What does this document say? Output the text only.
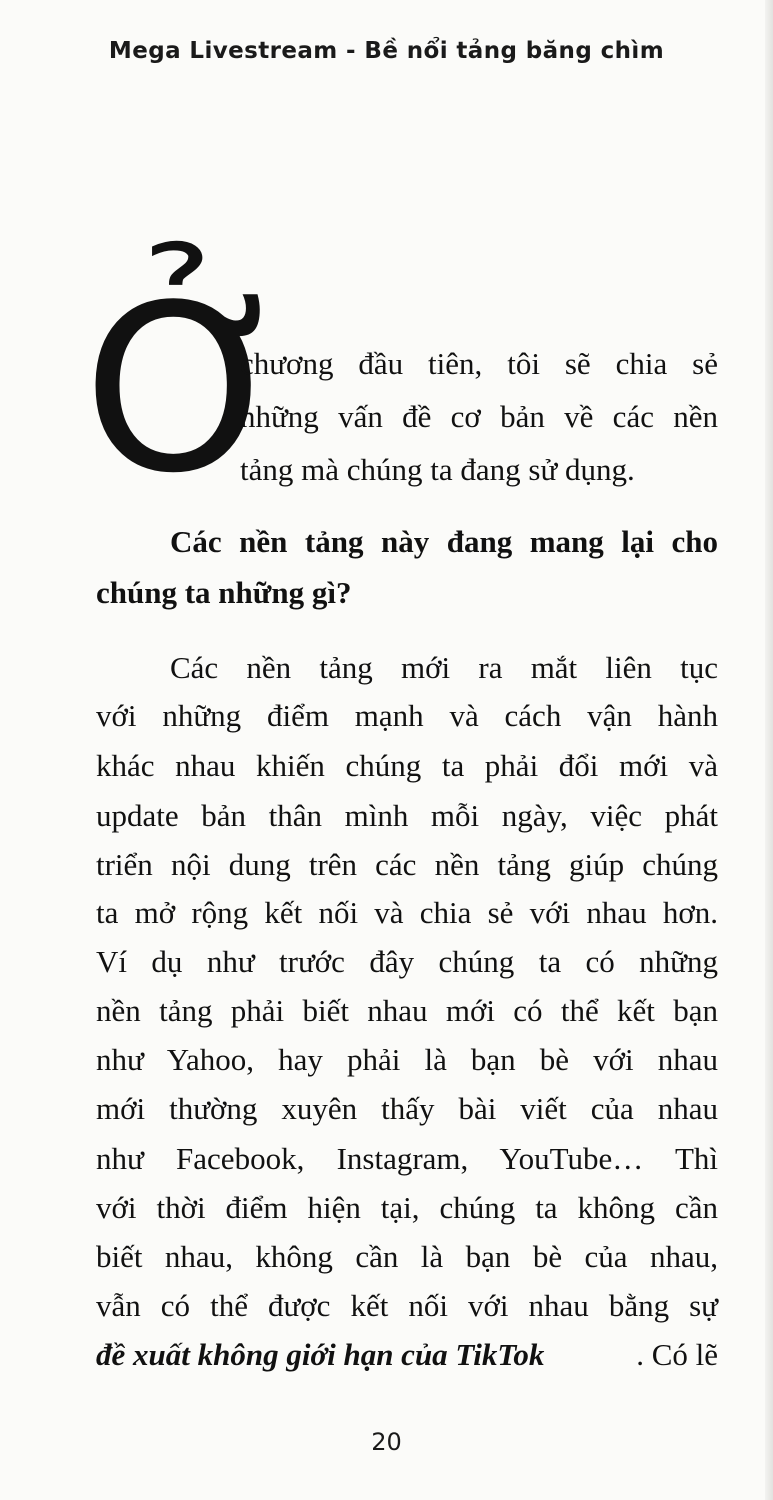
Mega Livestream - Bề nổi tảng băng chìm
Ở
chương đầu tiên, tôi sẽ chia sẻ
những vấn đề cơ bản về các nền
tảng mà chúng ta đang sử dụng.
Các nền tảng này đang mang lại cho
chúng ta những gì?
Các nền tảng mới ra mắt liên tục
với những điểm mạnh và cách vận hành
khác nhau khiến chúng ta phải đổi mới và
update bản thân mình mỗi ngày, việc phát
triển nội dung trên các nền tảng giúp chúng
ta mở rộng kết nối và chia sẻ với nhau hơn.
Ví dụ như trước đây chúng ta có những
nền tảng phải biết nhau mới có thể kết bạn
như Yahoo, hay phải là bạn bè với nhau
mới thường xuyên thấy bài viết của nhau
như Facebook, Instagram, YouTube… Thì
với thời điểm hiện tại, chúng ta không cần
biết nhau, không cần là bạn bè của nhau,
vẫn có thể được kết nối với nhau bằng sự
đề xuất không giới hạn của TikTok	. Có lẽ
20
